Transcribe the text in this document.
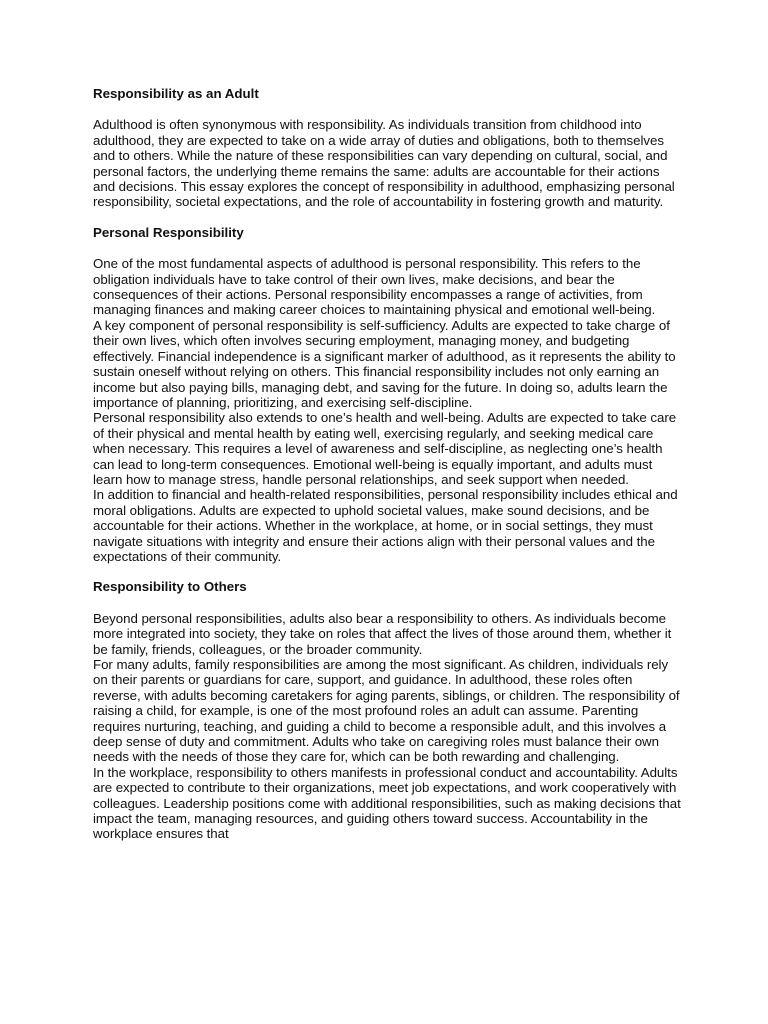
Responsibility as an Adult

Adulthood is often synonymous with responsibility. As individuals transition from childhood into adulthood, they are expected to take on a wide array of duties and obligations, both to themselves and to others. While the nature of these responsibilities can vary depending on cultural, social, and personal factors, the underlying theme remains the same: adults are accountable for their actions and decisions. This essay explores the concept of responsibility in adulthood, emphasizing personal responsibility, societal expectations, and the role of accountability in fostering growth and maturity.

Personal Responsibility

One of the most fundamental aspects of adulthood is personal responsibility. This refers to the obligation individuals have to take control of their own lives, make decisions, and bear the consequences of their actions. Personal responsibility encompasses a range of activities, from managing finances and making career choices to maintaining physical and emotional well-being.

A key component of personal responsibility is self-sufficiency. Adults are expected to take charge of their own lives, which often involves securing employment, managing money, and budgeting effectively. Financial independence is a significant marker of adulthood, as it represents the ability to sustain oneself without relying on others. This financial responsibility includes not only earning an income but also paying bills, managing debt, and saving for the future. In doing so, adults learn the importance of planning, prioritizing, and exercising self-discipline.

Personal responsibility also extends to one’s health and well-being. Adults are expected to take care of their physical and mental health by eating well, exercising regularly, and seeking medical care when necessary. This requires a level of awareness and self-discipline, as neglecting one’s health can lead to long-term consequences. Emotional well-being is equally important, and adults must learn how to manage stress, handle personal relationships, and seek support when needed.

In addition to financial and health-related responsibilities, personal responsibility includes ethical and moral obligations. Adults are expected to uphold societal values, make sound decisions, and be accountable for their actions. Whether in the workplace, at home, or in social settings, they must navigate situations with integrity and ensure their actions align with their personal values and the expectations of their community.

Responsibility to Others

Beyond personal responsibilities, adults also bear a responsibility to others. As individuals become more integrated into society, they take on roles that affect the lives of those around them, whether it be family, friends, colleagues, or the broader community.

For many adults, family responsibilities are among the most significant. As children, individuals rely on their parents or guardians for care, support, and guidance. In adulthood, these roles often reverse, with adults becoming caretakers for aging parents, siblings, or children. The responsibility of raising a child, for example, is one of the most profound roles an adult can assume. Parenting requires nurturing, teaching, and guiding a child to become a responsible adult, and this involves a deep sense of duty and commitment. Adults who take on caregiving roles must balance their own needs with the needs of those they care for, which can be both rewarding and challenging.

In the workplace, responsibility to others manifests in professional conduct and accountability. Adults are expected to contribute to their organizations, meet job expectations, and work cooperatively with colleagues. Leadership positions come with additional responsibilities, such as making decisions that impact the team, managing resources, and guiding others toward success. Accountability in the workplace ensures that
